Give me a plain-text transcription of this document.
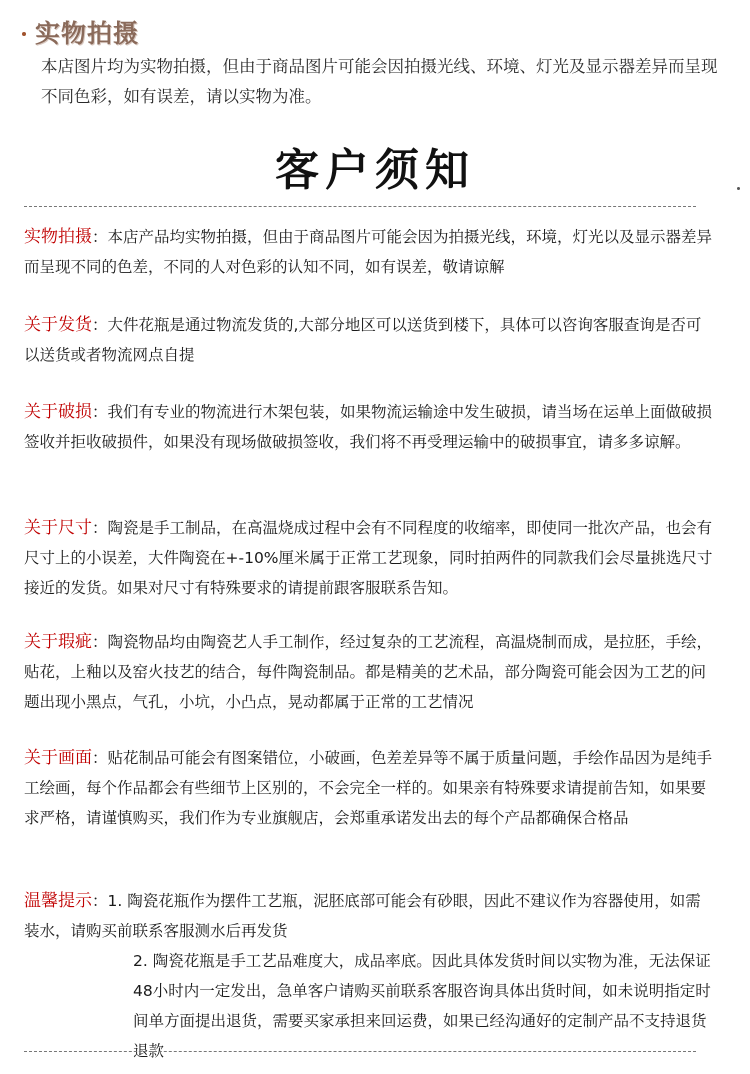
实物拍摄
本店图片均为实物拍摄，但由于商品图片可能会因拍摄光线、环境、灯光及显示器差异而呈现不同色彩，如有误差，请以实物为准。
客户须知
实物拍摄：本店产品均实物拍摄，但由于商品图片可能会因为拍摄光线，环境，灯光以及显示器差异而呈现不同的色差，不同的人对色彩的认知不同，如有误差，敬请谅解
关于发货：大件花瓶是通过物流发货的,大部分地区可以送货到楼下，具体可以咨询客服查询是否可以送货或者物流网点自提
关于破损：我们有专业的物流进行木架包装，如果物流运输途中发生破损，请当场在运单上面做破损签收并拒收破损件，如果没有现场做破损签收，我们将不再受理运输中的破损事宜，请多多谅解。
关于尺寸：陶瓷是手工制品，在高温烧成过程中会有不同程度的收缩率，即使同一批次产品，也会有尺寸上的小误差，大件陶瓷在+-10%厘米属于正常工艺现象，同时拍两件的同款我们会尽量挑选尺寸接近的发货。如果对尺寸有特殊要求的请提前跟客服联系告知。
关于瑕疵：陶瓷物品均由陶瓷艺人手工制作，经过复杂的工艺流程，高温烧制而成，是拉胚，手绘，贴花，上釉以及窑火技艺的结合，每件陶瓷制品。都是精美的艺术品，部分陶瓷可能会因为工艺的问题出现小黑点，气孔，小坑，小凸点，晃动都属于正常的工艺情况
关于画面：贴花制品可能会有图案错位，小破画，色差差异等不属于质量问题，手绘作品因为是纯手工绘画，每个作品都会有些细节上区别的，不会完全一样的。如果亲有特殊要求请提前告知，如果要求严格，请谨慎购买，我们作为专业旗舰店，会郑重承诺发出去的每个产品都确保合格品
温馨提示：1. 陶瓷花瓶作为摆件工艺瓶，泥胚底部可能会有砂眼，因此不建议作为容器使用，如需装水，请购买前联系客服测水后再发货
2. 陶瓷花瓶是手工艺品难度大，成品率底。因此具体发货时间以实物为准，无法保证48小时内一定发出，急单客户请购买前联系客服咨询具体出货时间，如未说明指定时间单方面提出退货，需要买家承担来回运费，如果已经沟通好的定制产品不支持退货退款
